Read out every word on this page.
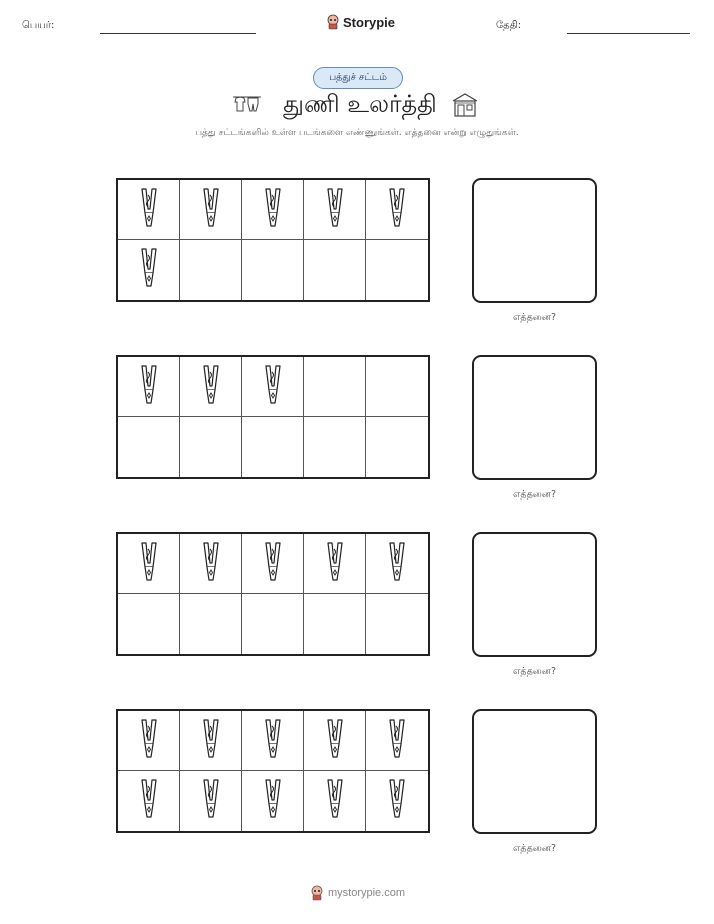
பெயர்:	Storypie	தேதி:
பத்துச் சட்டம்
துணி உலர்த்தி
பத்து சட்டங்களில் உள்ள படங்களை எண்ணுங்கள். எத்தனை என்று எழுதுங்கள்.
எத்தனை?
எத்தனை?
எத்தனை?
எத்தனை?
mystorypie.com
